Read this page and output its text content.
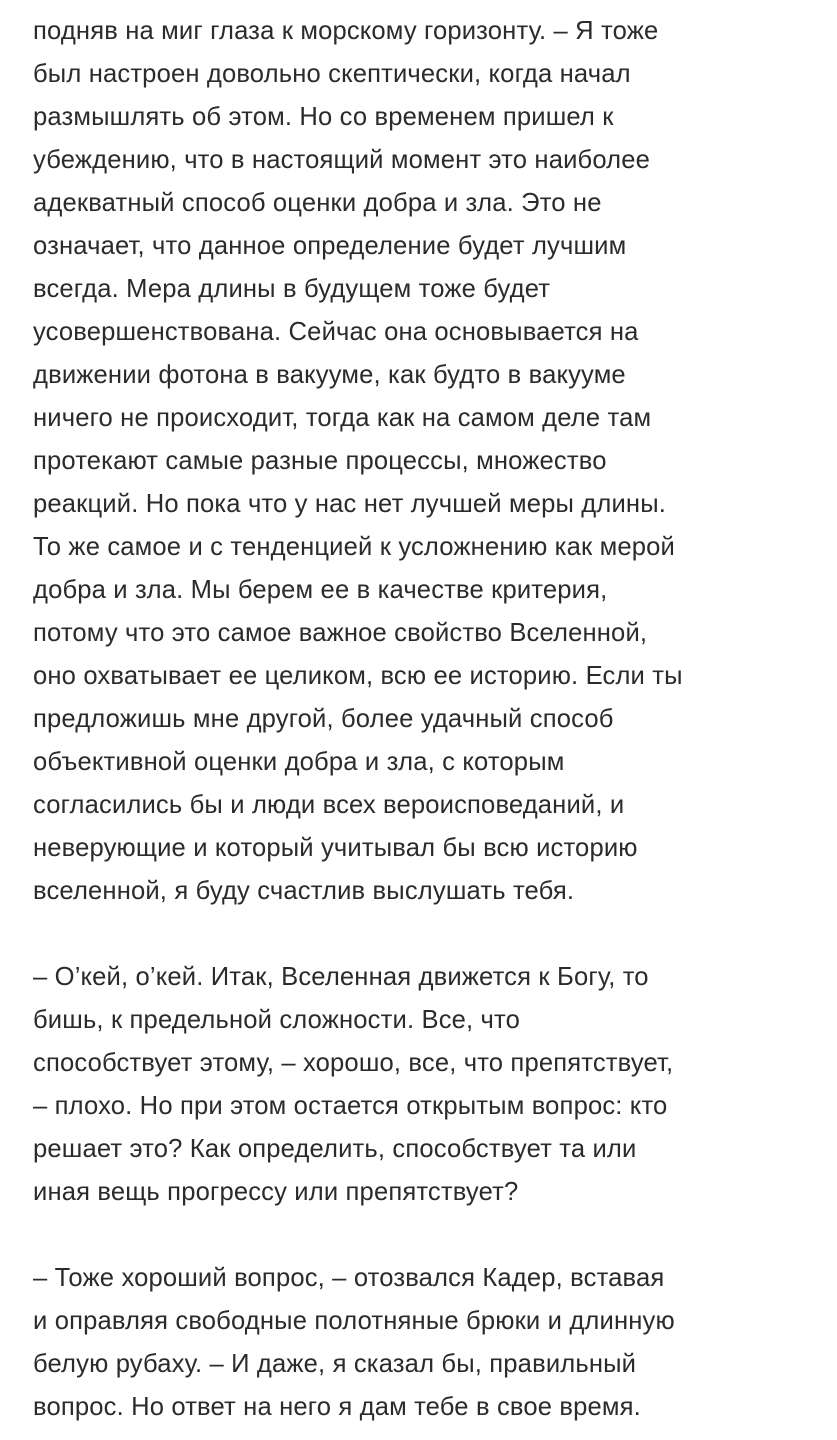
подняв на миг глаза к морскому горизонту. – Я тоже
был настроен довольно скептически, когда начал
размышлять об этом. Но со временем пришел к
убеждению, что в настоящий момент это наиболее
адекватный способ оценки добра и зла. Это не
означает, что данное определение будет лучшим
всегда. Мера длины в будущем тоже будет
усовершенствована. Сейчас она основывается на
движении фотона в вакууме, как будто в вакууме
ничего не происходит, тогда как на самом деле там
протекают самые разные процессы, множество
реакций. Но пока что у нас нет лучшей меры длины.
То же самое и с тенденцией к усложнению как мерой
добра и зла. Мы берем ее в качестве критерия,
потому что это самое важное свойство Вселенной,
оно охватывает ее целиком, всю ее историю. Если ты
предложишь мне другой, более удачный способ
объективной оценки добра и зла, с которым
согласились бы и люди всех вероисповеданий, и
неверующие и который учитывал бы всю историю
вселенной, я буду счастлив выслушать тебя.
– О’кей, о’кей. Итак, Вселенная движется к Богу, то
бишь, к предельной сложности. Все, что
способствует этому, – хорошо, все, что препятствует,
– плохо. Но при этом остается открытым вопрос: кто
решает это? Как определить, способствует та или
иная вещь прогрессу или препятствует?
– Тоже хороший вопрос, – отозвался Кадер, вставая
и оправляя свободные полотняные брюки и длинную
белую рубаху. – И даже, я сказал бы, правильный
вопрос. Но ответ на него я дам тебе в свое время.
